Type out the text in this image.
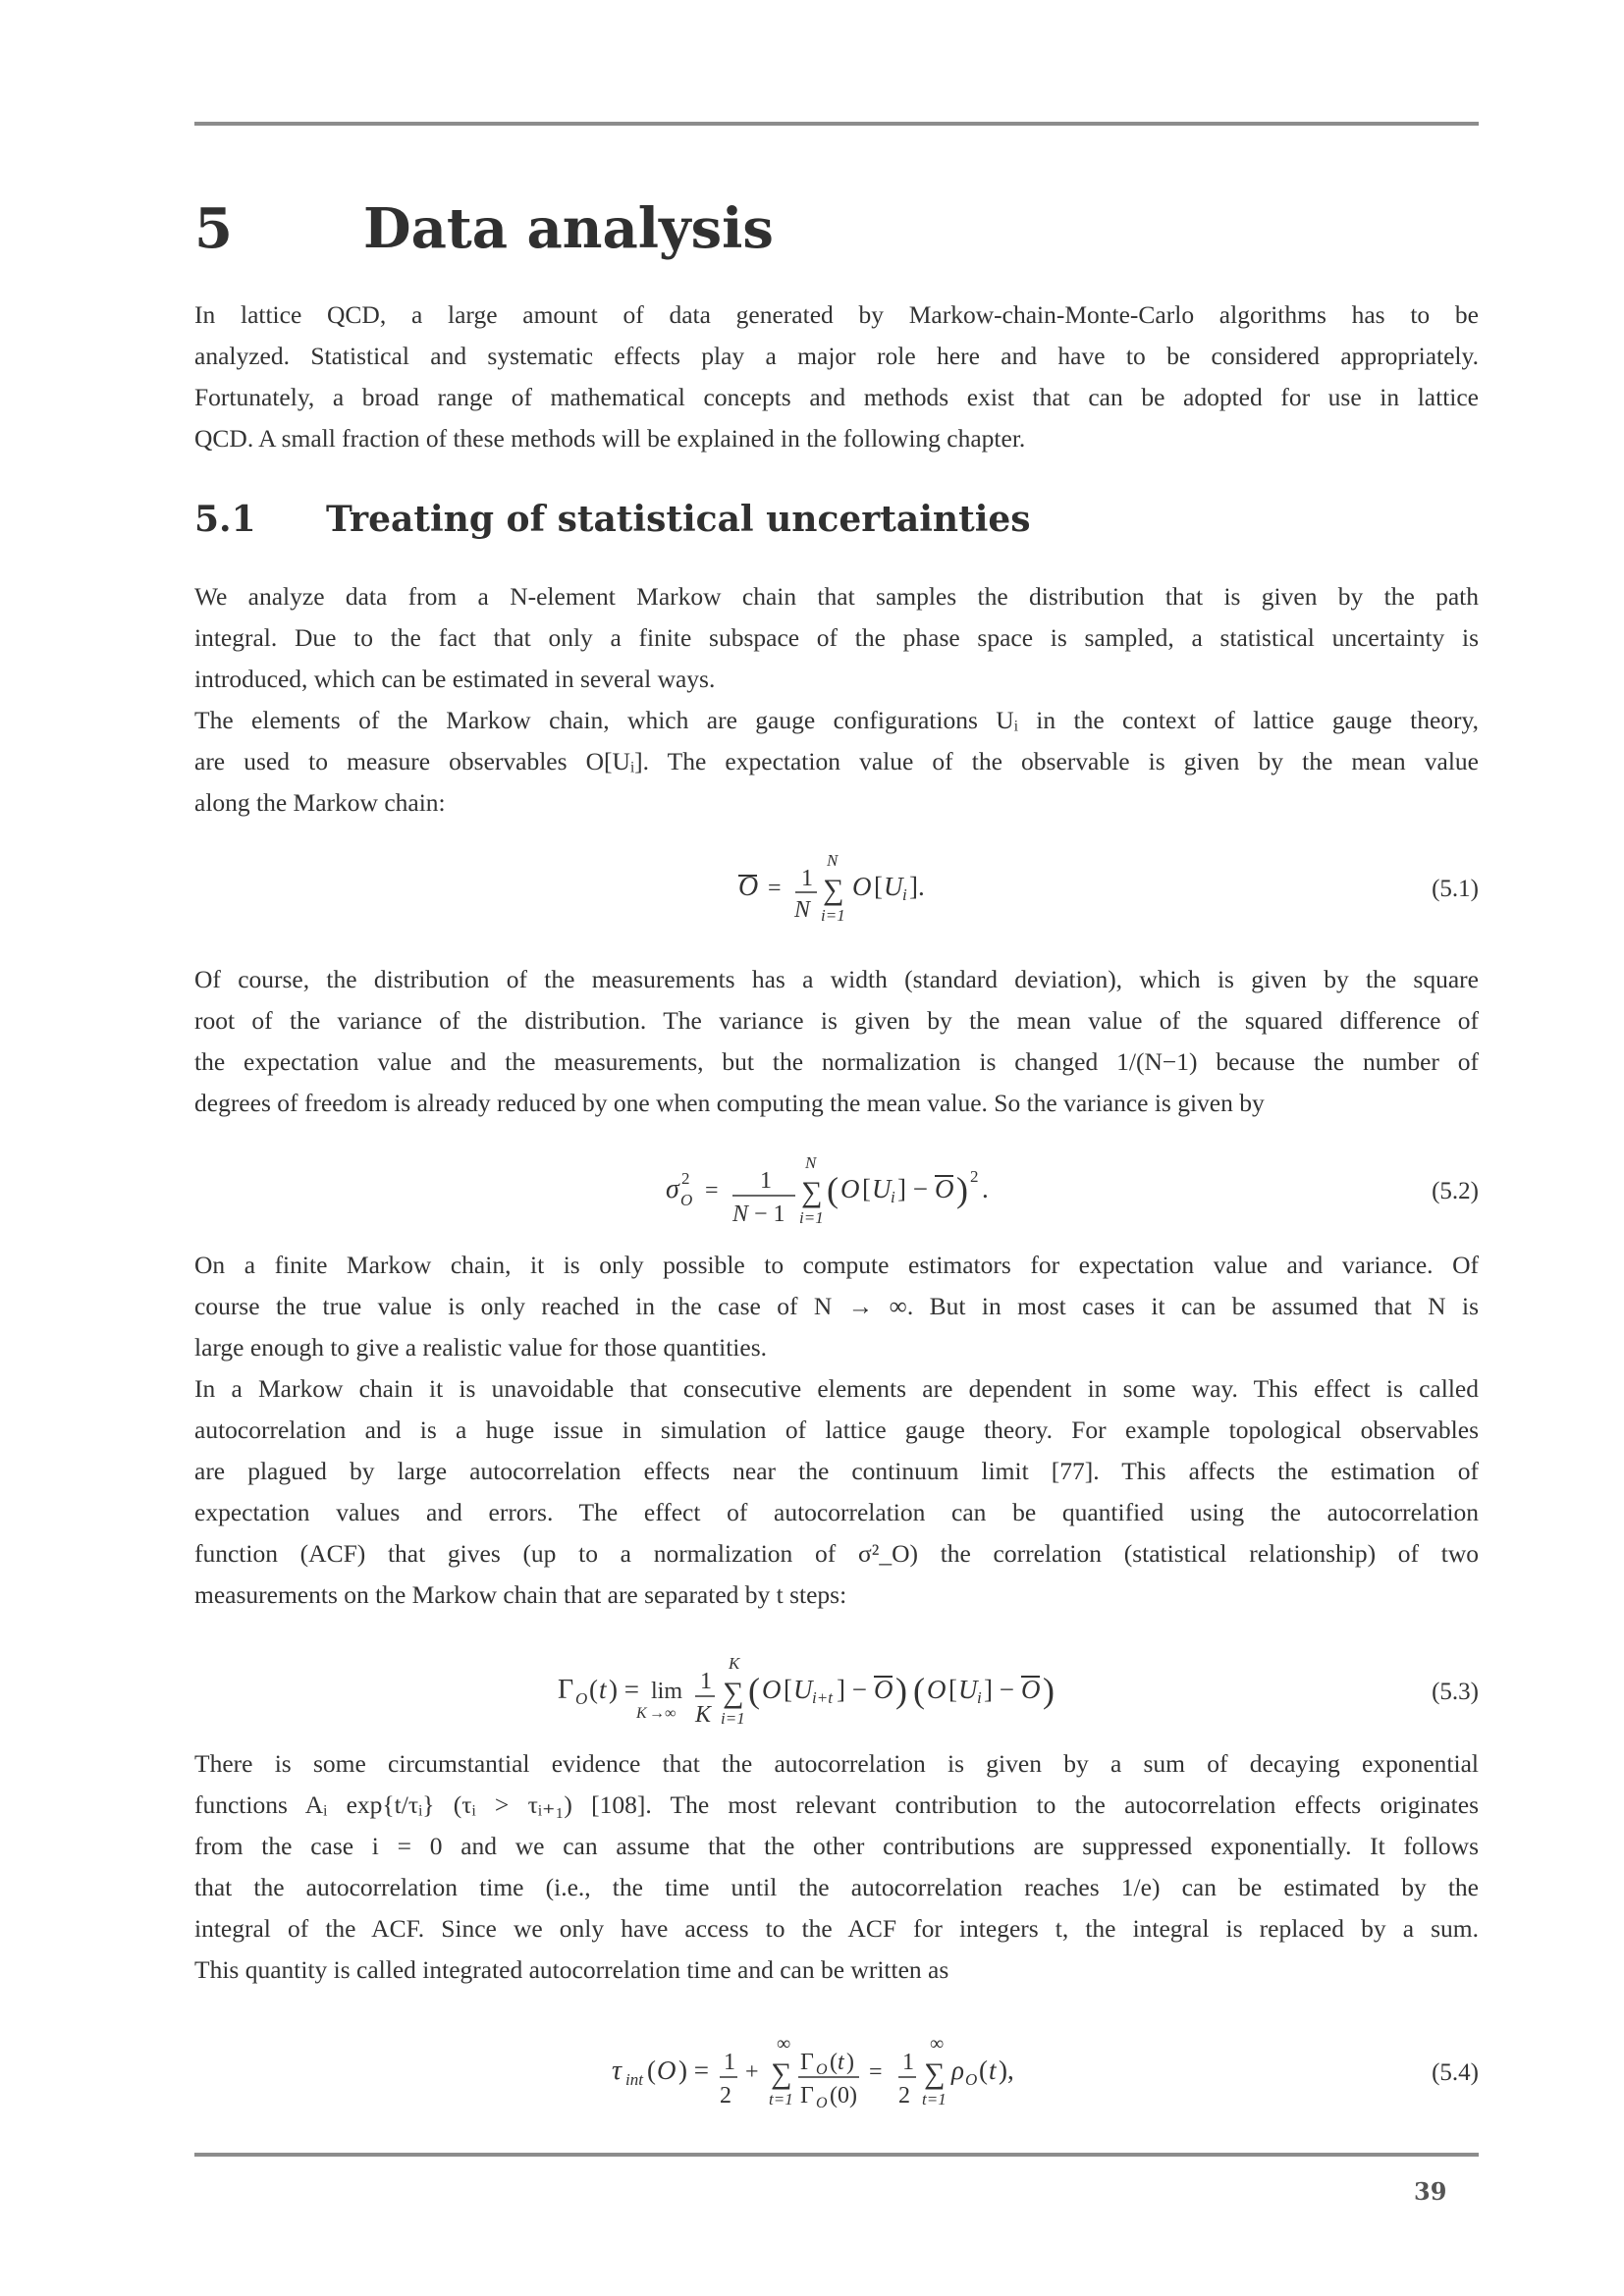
5 Data analysis
In lattice QCD, a large amount of data generated by Markow-chain-Monte-Carlo algorithms has to be
analyzed. Statistical and systematic effects play a major role here and have to be considered appropriately.
Fortunately, a broad range of mathematical concepts and methods exist that can be adopted for use in lattice
QCD. A small fraction of these methods will be explained in the following chapter.
5.1 Treating of statistical uncertainties
We analyze data from a N-element Markow chain that samples the distribution that is given by the path
integral. Due to the fact that only a finite subspace of the phase space is sampled, a statistical uncertainty is
introduced, which can be estimated in several ways.
The elements of the Markow chain, which are gauge configurations Uᵢ in the context of lattice gauge theory,
are used to measure observables O[Uᵢ]. The expectation value of the observable is given by the mean value
along the Markow chain:
O = 1
N
N
∑
i=1
O [ U i ].	(5.1)
Of course, the distribution of the measurements has a width (standard deviation), which is given by the square
root of the variance of the distribution. The variance is given by the mean value of the squared difference of
the expectation value and the measurements, but the normalization is changed 1/(N−1) because the number of
degrees of freedom is already reduced by one when computing the mean value. So the variance is given by
σ 2
O = 1
N − 1
N
∑
i=1
( O [ U i ] − O ) 2 .	(5.2)
On a finite Markow chain, it is only possible to compute estimators for expectation value and variance. Of
course the true value is only reached in the case of N → ∞. But in most cases it can be assumed that N is
large enough to give a realistic value for those quantities.
In a Markow chain it is unavoidable that consecutive elements are dependent in some way. This effect is called
autocorrelation and is a huge issue in simulation of lattice gauge theory. For example topological observables
are plagued by large autocorrelation effects near the continuum limit [77]. This affects the estimation of
expectation values and errors. The effect of autocorrelation can be quantified using the autocorrelation
function (ACF) that gives (up to a normalization of σ²_O) the correlation (statistical relationship) of two
measurements on the Markow chain that are separated by t steps:
Γ O ( t ) = lim
K →∞
1
K
K
∑
i=1
( O [ U i+t ] − O ) ( O [ U i ] − O )	(5.3)
There is some circumstantial evidence that the autocorrelation is given by a sum of decaying exponential
functions Aᵢ exp{t/τᵢ} (τᵢ > τᵢ₊₁) [108]. The most relevant contribution to the autocorrelation effects originates
from the case i = 0 and we can assume that the other contributions are suppressed exponentially. It follows
that the autocorrelation time (i.e., the time until the autocorrelation reaches 1/e) can be estimated by the
integral of the ACF. Since we only have access to the ACF for integers t, the integral is replaced by a sum.
This quantity is called integrated autocorrelation time and can be written as
τ int ( O ) = 1
2
+
∞
∑
t=1
Γ O ( t )
Γ O (0)
= 1
2
∞
∑
t=1
ρ O ( t ),	(5.4)
39
